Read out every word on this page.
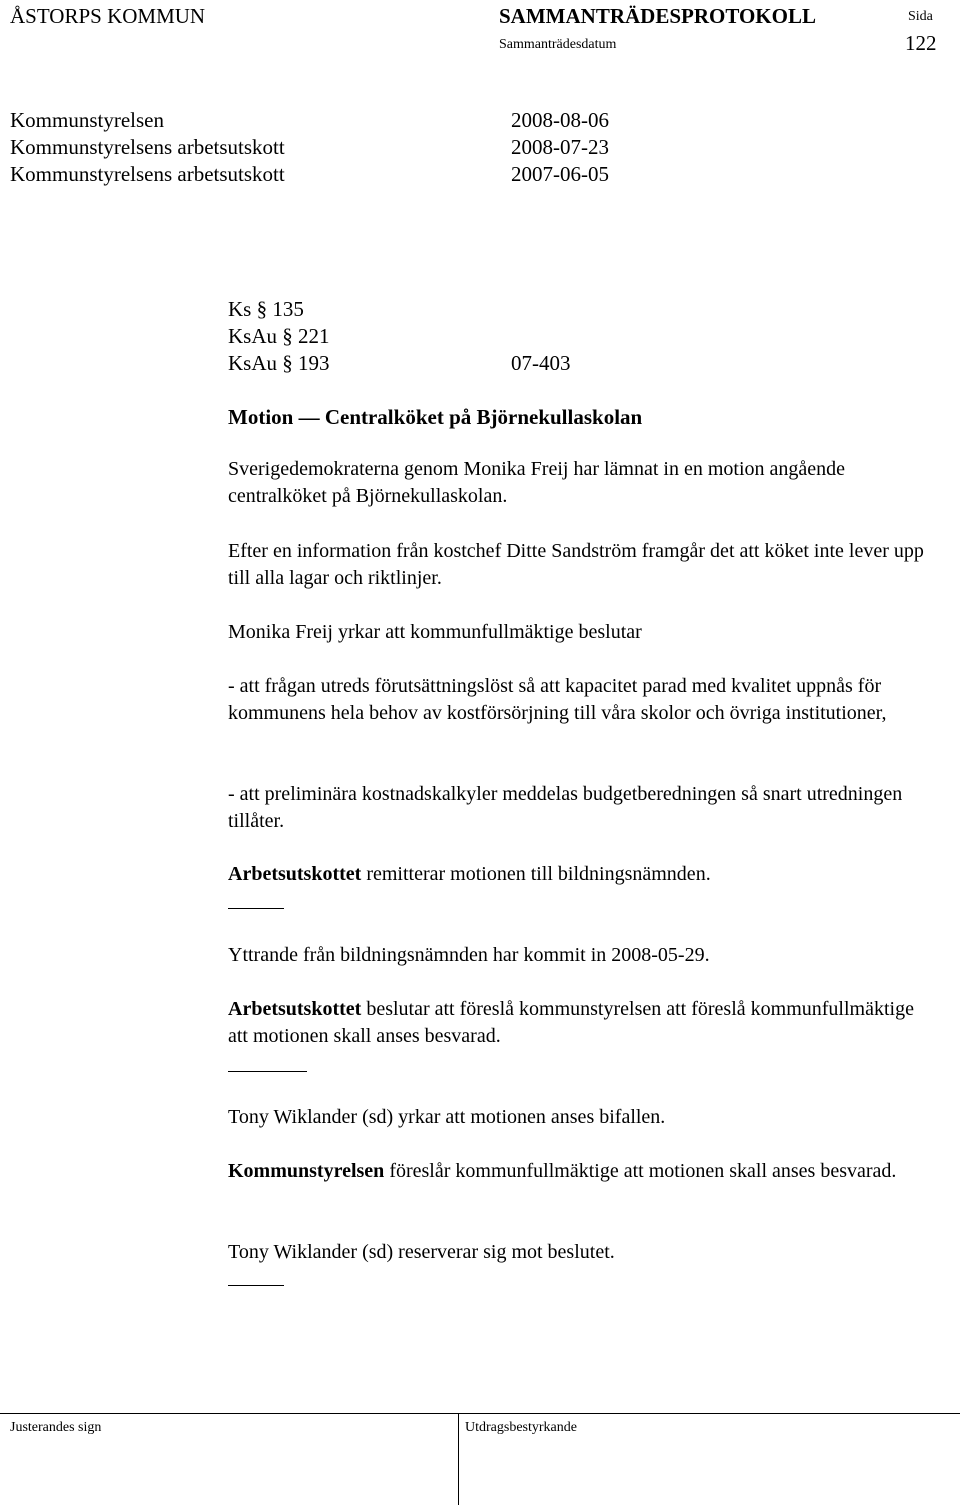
ÅSTORPS KOMMUN	SAMMANTRÄDESPROTOKOLL	Sida
Sammanträdesdatum	122
Kommunstyrelsen	2008-08-06
Kommunstyrelsens arbetsutskott	2008-07-23
Kommunstyrelsens arbetsutskott	2007-06-05
Ks § 135
KsAu § 221
KsAu § 193	07-403
Motion — Centralköket på Björnekullaskolan
Sverigedemokraterna genom Monika Freij har lämnat in en motion angående centralköket på Björnekullaskolan.
Efter en information från kostchef Ditte Sandström framgår det att köket inte lever upp till alla lagar och riktlinjer.
Monika Freij yrkar att kommunfullmäktige beslutar
- att frågan utreds förutsättningslöst så att kapacitet parad med kvalitet uppnås för kommunens hela behov av kostförsörjning till våra skolor och övriga institutioner,
- att preliminära kostnadskalkyler meddelas budgetberedningen så snart utredningen tillåter.
Arbetsutskottet remitterar motionen till bildningsnämnden.
Yttrande från bildningsnämnden har kommit in 2008-05-29.
Arbetsutskottet beslutar att föreslå kommunstyrelsen att föreslå kommunfullmäktige att motionen skall anses besvarad.
Tony Wiklander (sd) yrkar att motionen anses bifallen.
Kommunstyrelsen föreslår kommunfullmäktige att motionen skall anses besvarad.
Tony Wiklander (sd) reserverar sig mot beslutet.
Justerandes sign	Utdragsbestyrkande
